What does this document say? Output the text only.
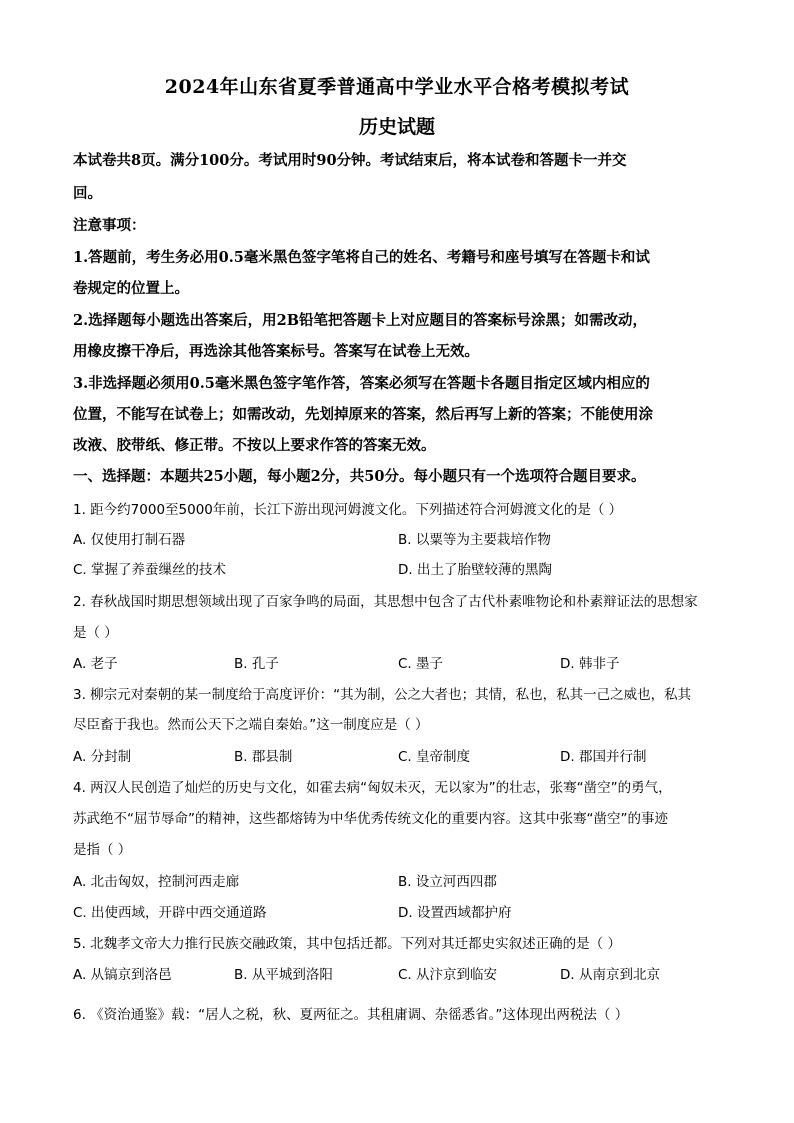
2024年山东省夏季普通高中学业水平合格考模拟考试
历史试题
本试卷共8页。满分100分。考试用时90分钟。考试结束后，将本试卷和答题卡一并交
回。
注意事项：
1.答题前，考生务必用0.5毫米黑色签字笔将自己的姓名、考籍号和座号填写在答题卡和试
卷规定的位置上。
2.选择题每小题选出答案后，用2B铅笔把答题卡上对应题目的答案标号涂黑；如需改动，
用橡皮擦干净后，再选涂其他答案标号。答案写在试卷上无效。
3.非选择题必须用0.5毫米黑色签字笔作答，答案必须写在答题卡各题目指定区域内相应的
位置，不能写在试卷上；如需改动，先划掉原来的答案，然后再写上新的答案；不能使用涂
改液、胶带纸、修正带。不按以上要求作答的答案无效。
一、选择题：本题共25小题，每小题2分，共50分。每小题只有一个选项符合题目要求。
1. 距今约7000至5000年前，长江下游出现河姆渡文化。下列描述符合河姆渡文化的是（ ）
A. 仅使用打制石器	B. 以粟等为主要栽培作物
C. 掌握了养蚕缫丝的技术	D. 出土了胎壁较薄的黑陶
2. 春秋战国时期思想领域出现了百家争鸣的局面，其思想中包含了古代朴素唯物论和朴素辩证法的思想家
是（ ）
A. 老子	B. 孔子	C. 墨子	D. 韩非子
3. 柳宗元对秦朝的某一制度给于高度评价：“其为制，公之大者也；其情，私也，私其一己之威也，私其
尽臣畜于我也。然而公天下之端自秦始。”这一制度应是（ ）
A. 分封制	B. 郡县制	C. 皇帝制度	D. 郡国并行制
4. 两汉人民创造了灿烂的历史与文化，如霍去病“匈奴未灭，无以家为”的壮志，张骞“凿空”的勇气，
苏武绝不“屈节辱命”的精神，这些都熔铸为中华优秀传统文化的重要内容。这其中张骞“凿空”的事迹
是指（ ）
A. 北击匈奴，控制河西走廊	B. 设立河西四郡
C. 出使西域，开辟中西交通道路	D. 设置西域都护府
5. 北魏孝文帝大力推行民族交融政策，其中包括迁都。下列对其迁都史实叙述正确的是（ ）
A. 从镐京到洛邑	B. 从平城到洛阳	C. 从汴京到临安	D. 从南京到北京
6. 《资治通鉴》载：“居人之税，秋、夏两征之。其租庸调、杂徭悉省。”这体现出两税法（ ）
